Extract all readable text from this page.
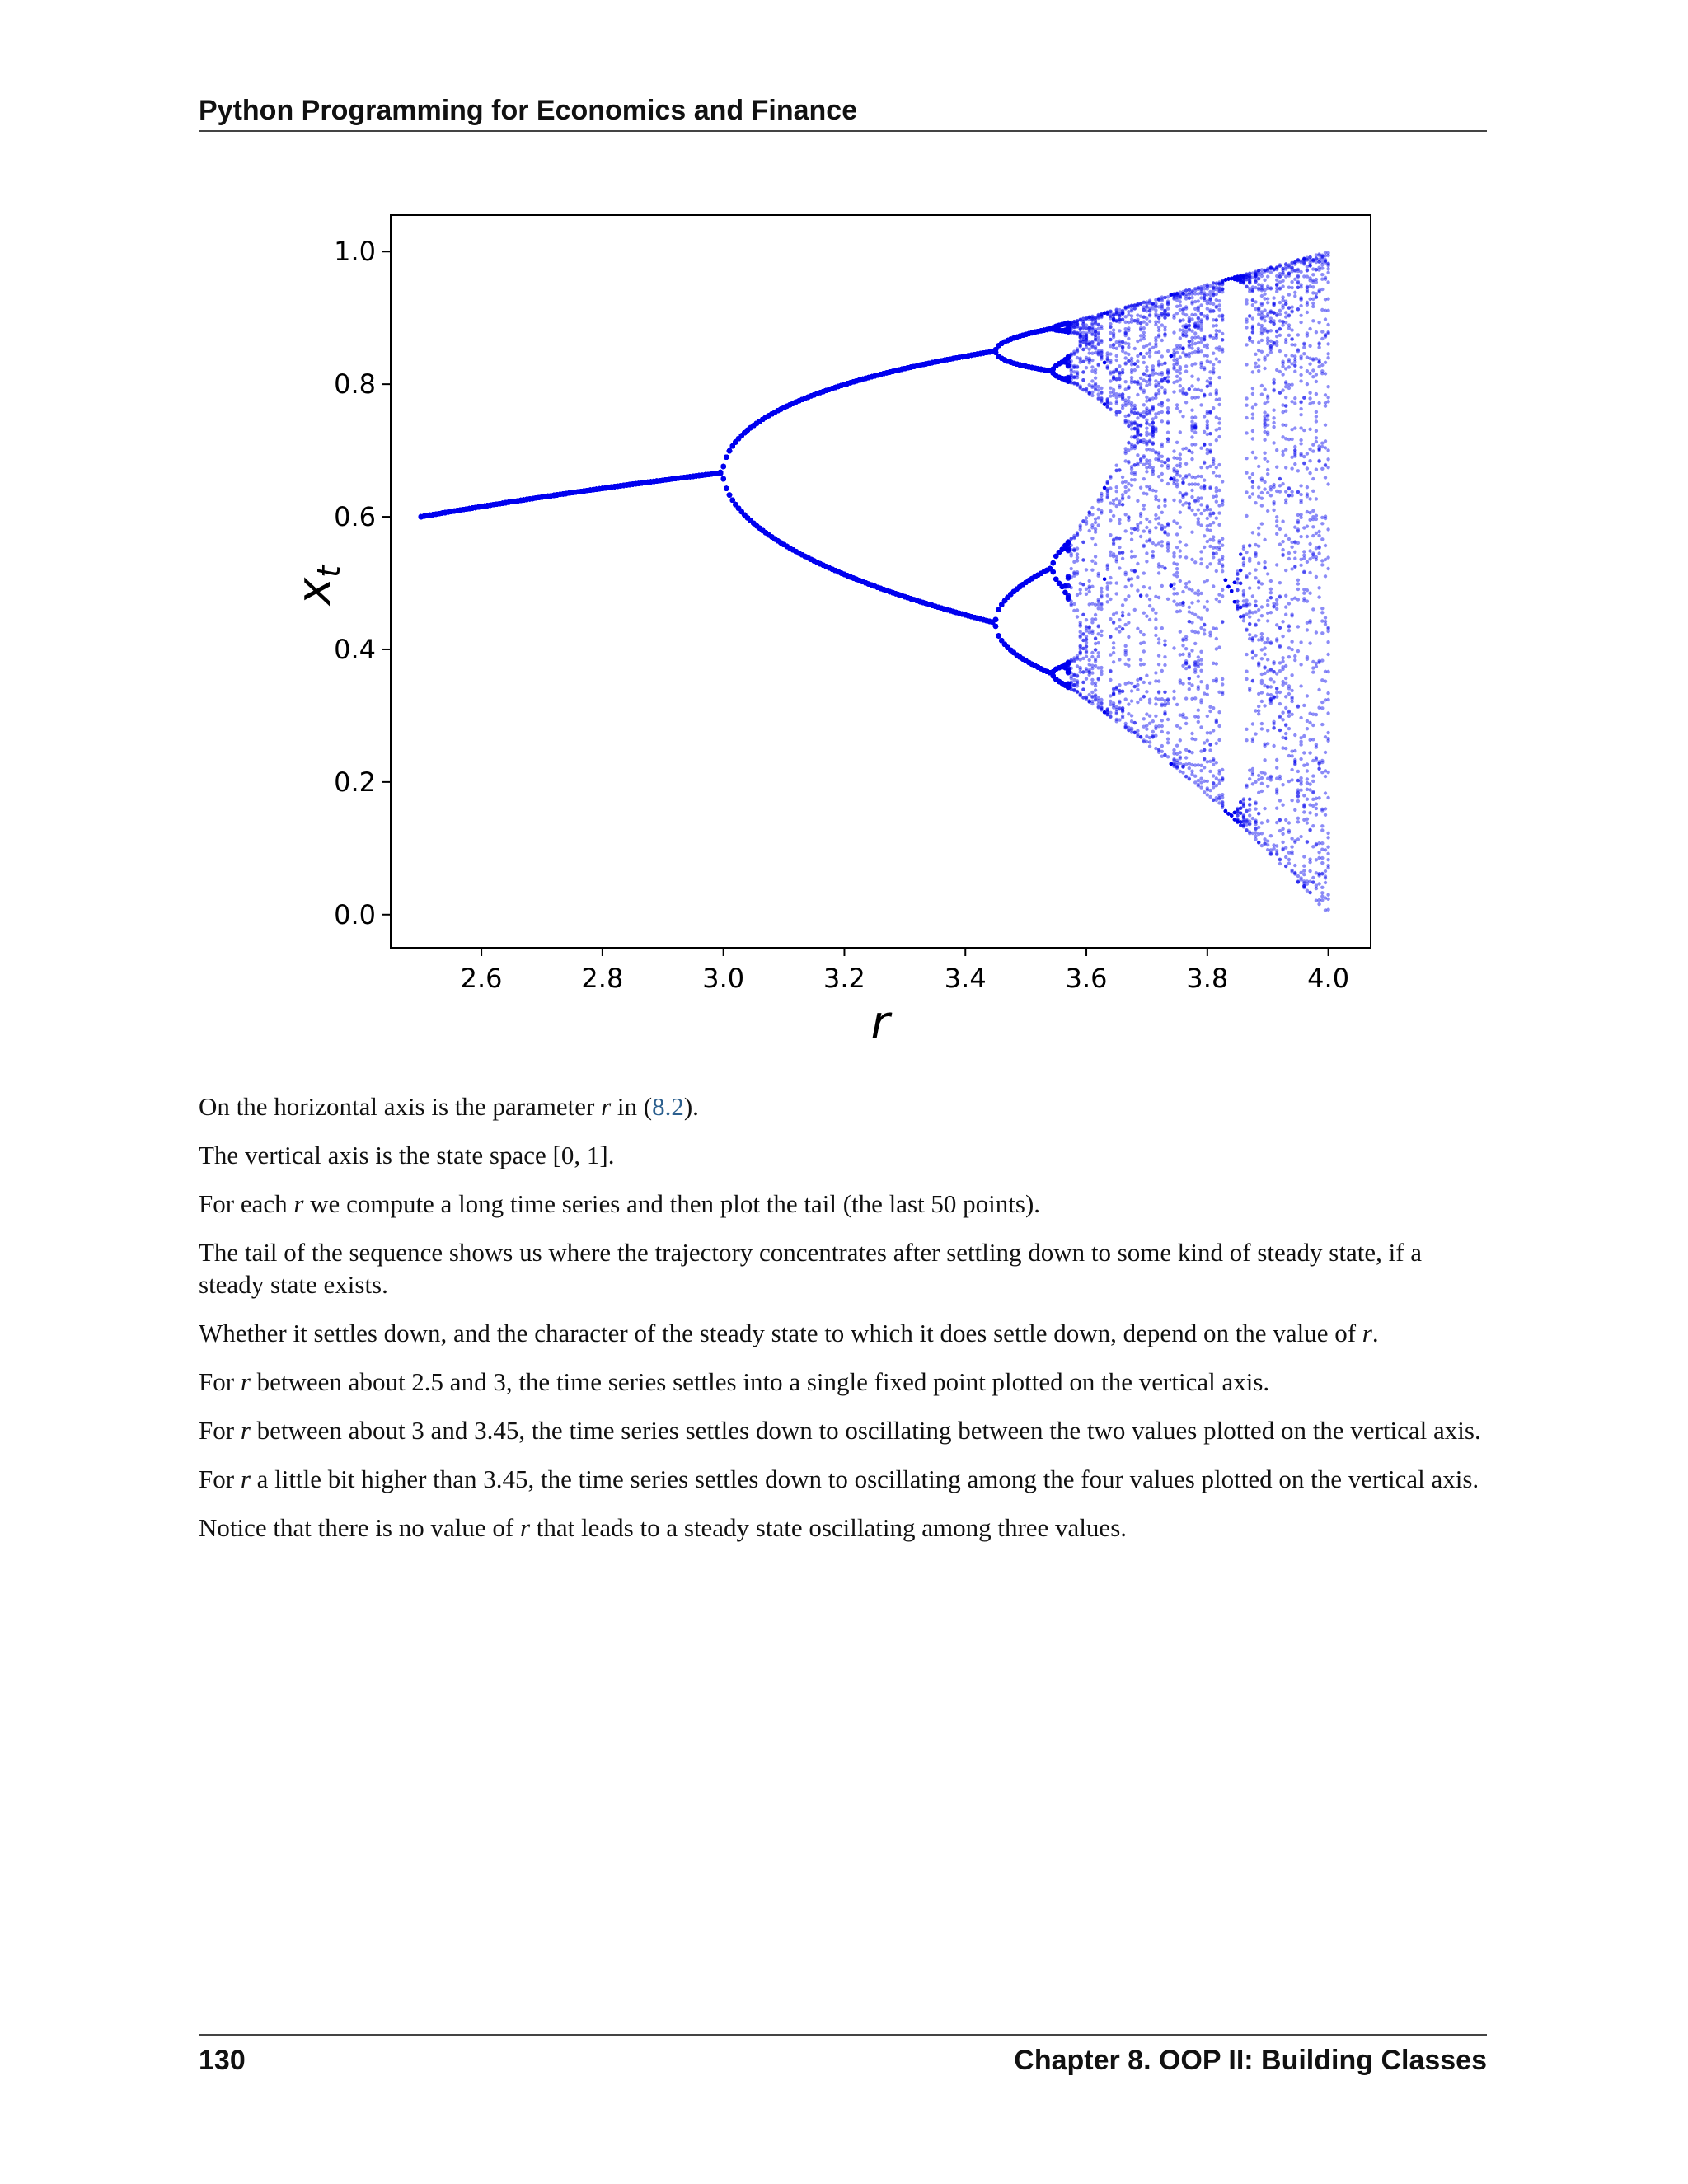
Python Programming for Economics and Finance
2.6	2.8	3.0	3.2	3.4	3.6	3.8	4.0
0.0
0.2
0.4
0.6
0.8
1.0
r
xt

On the horizontal axis is the parameter r in (8.2).

The vertical axis is the state space [0, 1].

For each r we compute a long time series and then plot the tail (the last 50 points).

The tail of the sequence shows us where the trajectory concentrates after settling down to some kind of steady state, if a steady state exists.

Whether it settles down, and the character of the steady state to which it does settle down, depend on the value of r.

For r between about 2.5 and 3, the time series settles into a single fixed point plotted on the vertical axis.

For r between about 3 and 3.45, the time series settles down to oscillating between the two values plotted on the vertical axis.

For r a little bit higher than 3.45, the time series settles down to oscillating among the four values plotted on the vertical axis.

Notice that there is no value of r that leads to a steady state oscillating among three values.

130	Chapter 8. OOP II: Building Classes
